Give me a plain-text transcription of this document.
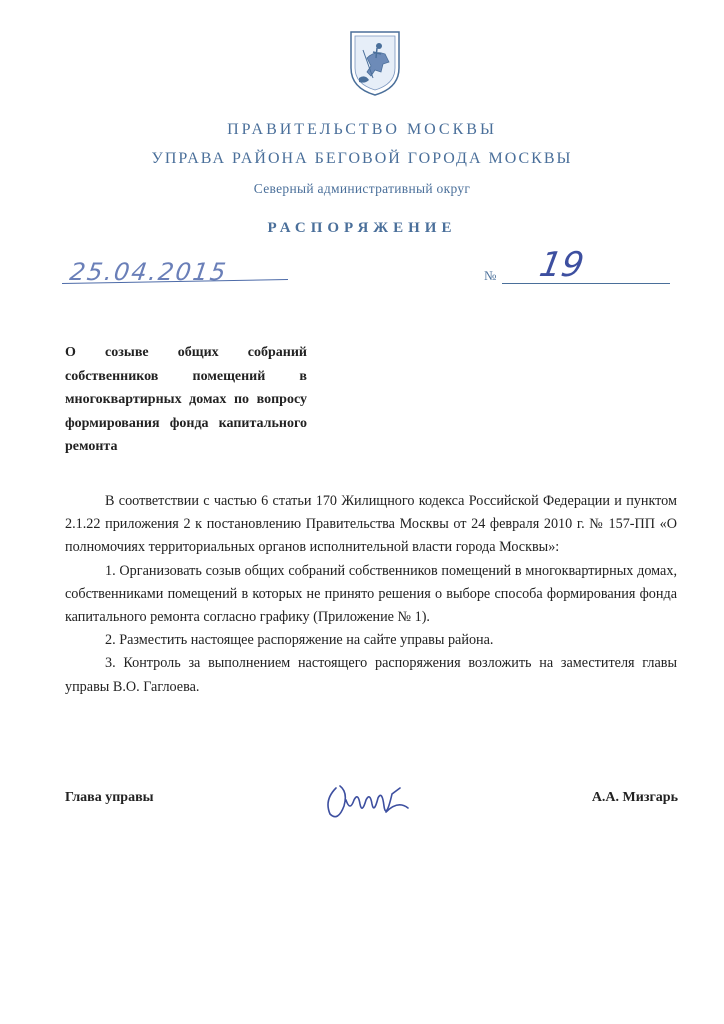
ПРАВИТЕЛЬСТВО МОСКВЫ
УПРАВА РАЙОНА БЕГОВОЙ ГОРОДА МОСКВЫ
Северный административный округ
РАСПОРЯЖЕНИЕ
25.04.2015	№ 19
О созыве общих собраний собственников помещений в многоквартирных домах по вопросу формирования фонда капитального ремонта

В соответствии с частью 6 статьи 170 Жилищного кодекса Российской Федерации и пунктом 2.1.22 приложения 2 к постановлению Правительства Москвы от 24 февраля 2010 г. № 157-ПП «О полномочиях территориальных органов исполнительной власти города Москвы»:

1. Организовать созыв общих собраний собственников помещений в многоквартирных домах, собственниками помещений в которых не принято решения о выборе способа формирования фонда капитального ремонта согласно графику (Приложение № 1).

2. Разместить настоящее распоряжение на сайте управы района.

3. Контроль за выполнением настоящего распоряжения возложить на заместителя главы управы В.О. Гаглоева.

Глава управы	А.А. Мизгарь
